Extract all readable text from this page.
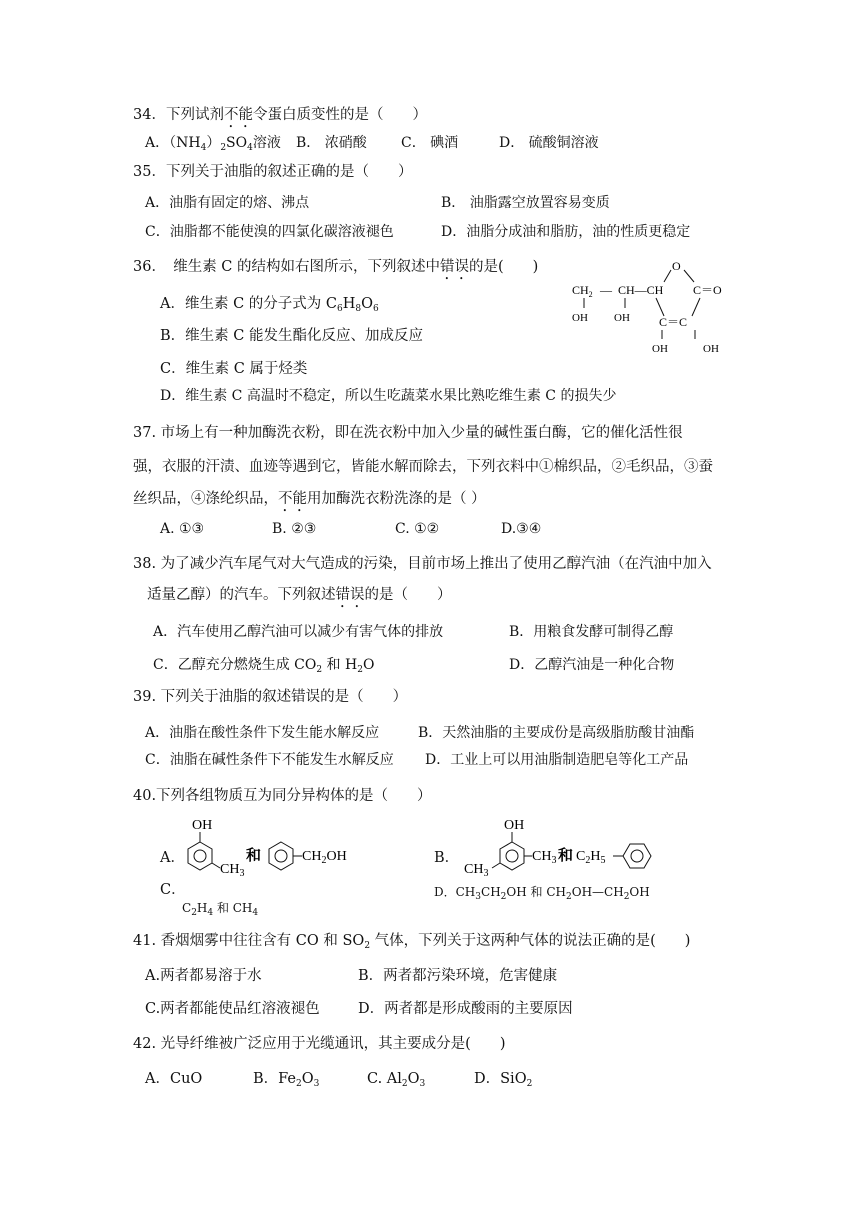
34．下列试剂不能令蛋白质变性的是（　　）
A．$(NH_4)_2SO_4$溶液 B． 浓硝酸 C． 碘酒	D． 硫酸铜溶液
35．下列关于油脂的叙述正确的是（　　）
A．油脂有固定的熔、沸点	B． 油脂露空放置容易变质
C．油脂都不能使溴的四氯化碳溶液褪色	D．油脂分成油和脂肪，油的性质更稳定
36．　维生素 C 的结构如右图所示，下列叙述中错误的是(　　)
A．维生素 C 的分子式为 $C_6H_8O_6$
B．维生素 C 能发生酯化反应、加成反应
C．维生素 C 属于烃类
D．维生素 C 高温时不稳定，所以生吃蔬菜水果比熟吃维生素 C 的损失少
O
$CH_2$ — CH—CH C＝O
C＝C
OH OH
OH	OH
37. 市场上有一种加酶洗衣粉，即在洗衣粉中加入少量的碱性蛋白酶，它的催化活性很
强，衣服的汗渍、血迹等遇到它，皆能水解而除去，下列衣料中①棉织品，②毛织品，③蚕
丝织品，④涤纶织品，不能用加酶洗衣粉洗涤的是（ ）
A. ①③	B. ②③	C. ①②	D.③④
38. 为了减少汽车尾气对大气造成的污染，目前市场上推出了使用乙醇汽油（在汽油中加入
适量乙醇）的汽车。下列叙述错误的是（　　）
A．汽车使用乙醇汽油可以减少有害气体的排放	B．用粮食发酵可制得乙醇
C．乙醇充分燃烧生成 $CO_2$ 和 $H_2O$	D．乙醇汽油是一种化合物
39. 下列关于油脂的叙述错误的是（　　）
A．油脂在酸性条件下发生能水解反应	B．天然油脂的主要成份是高级脂肪酸甘油酯
C．油脂在碱性条件下不能发生水解反应 D．工业上可以用油脂制造肥皂等化工产品
40.下列各组物质互为同分异构体的是（　　）
A．
OH
$CH_3$
和	$CH_2OH$	B．
OH
$CH_3$
$CH_3$ 和 $C_2H_5$
C．
$C_2H_4$ 和 $CH_4$
D．$CH_3CH_2OH$ 和 $CH_2OH—CH_2OH$
41. 香烟烟雾中往往含有 CO 和 $SO_2$ 气体，下列关于这两种气体的说法正确的是(　　)
A.两者都易溶于水	B．两者都污染环境，危害健康
C.两者都能使品红溶液褪色	D．两者都是形成酸雨的主要原因
42. 光导纤维被广泛应用于光缆通讯，其主要成分是(　　)
A．CuO	B．$Fe_2O_3$	C. $Al_2O_3$	D．SiO$_2$
